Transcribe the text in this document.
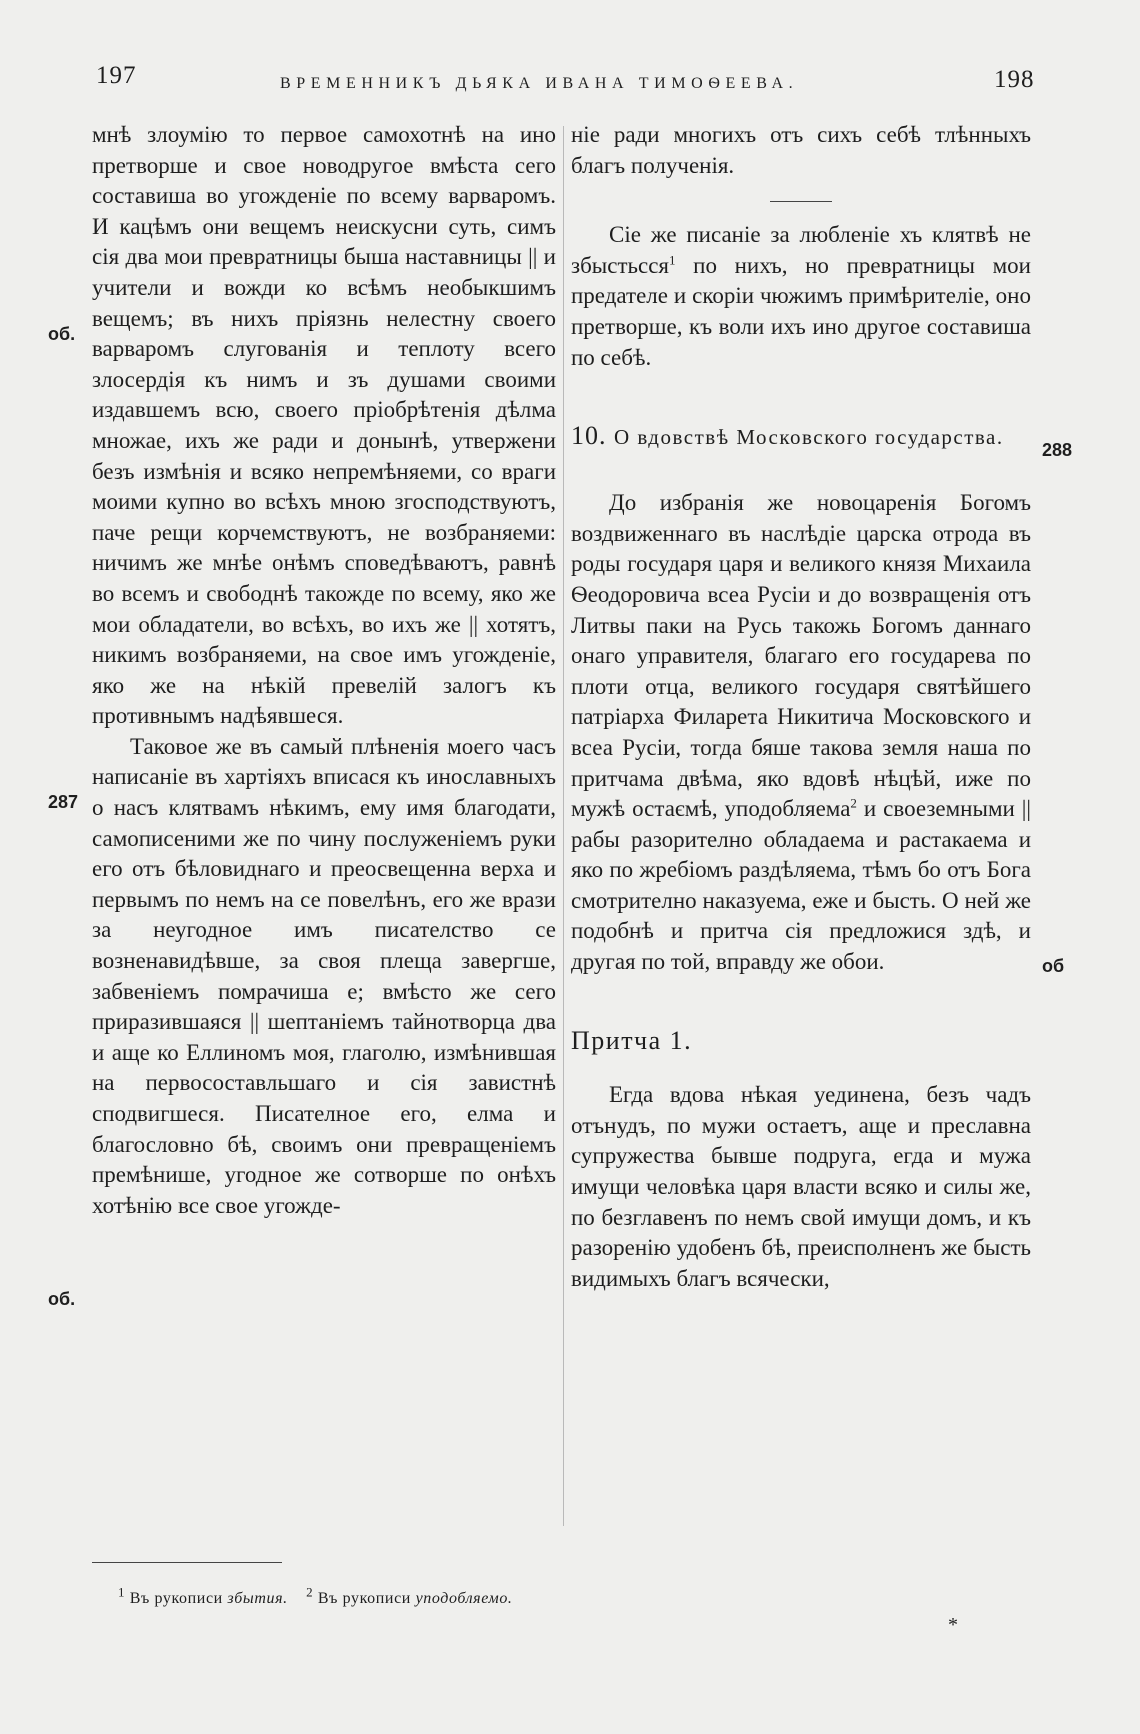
197	ВРЕМЕННИКЪ ДЬЯКА ИВАНА ТИМОѲЕЕВА.	198

мнѣ злоумію то первое самохотнѣ на ино претворше и свое новодругое вмѣста сего составиша во угожденіе по всему варваромъ. И кацѣмъ они вещемъ неискусни суть, симъ сія два мои превратницы быша наставницы || и учители и вожди ко всѣмъ необыкшимъ вещемъ; въ нихъ пріязнь нелестну своего варваромъ слугованія и теплоту всего злосердія къ нимъ и зъ душами своими издавшемъ всю, своего пріобрѣтенія дѣлма множае, ихъ же ради и донынѣ, утвержени безъ измѣнія и всяко непремѣняеми, со враги моими купно во всѣхъ мною згосподствуютъ, паче рещи корчемствуютъ, не возбраняеми: ничимъ же мнѣе онѣмъ споведѣваютъ, равнѣ во всемъ и свободнѣ такожде по всему, яко же мои обладатели, во всѣхъ, во ихъ же || хотятъ, никимъ возбраняеми, на свое имъ угожденіе, яко же на нѣкій превелій залогъ къ противнымъ надѣявшеся.

Таковое же въ самый плѣненія моего часъ написаніе въ хартіяхъ вписася къ инославныхъ о насъ клятвамъ нѣкимъ, ему имя благодати, самописеними же по чину послуженіемъ руки его отъ бѣловиднаго и преосвещенна верха и первымъ по немъ на се повелѣнъ, его же врази за неугодное имъ писателство се возненавидѣвше, за своя плеща завергше, забвеніемъ помрачиша е; вмѣсто же сего приразившаяся || шептаніемъ тайнотворца два и аще ко Еллиномъ моя, глаголю, измѣнившая на первосоставльшаго и сія завистнѣ сподвигшеся. Писателное его, елма и благословно бѣ, своимъ они превращеніемъ премѣнише, угодное же сотворше по онѣхъ хотѣнію все свое угожде-

ніе ради многихъ отъ сихъ себѣ тлѣнныхъ благъ полученія.

Сіе же писаніе за любленіе хъ клятвѣ не збыстьсся$^1$ по нихъ, но превратницы мои предателе и скоріи чюжимъ примѣрителіе, оно претворше, къ воли ихъ ино другое составиша по себѣ.

10. О вдовствѣ Московского государства.

До избранія же новоцаренія Богомъ воздвиженнаго въ наслѣдіе царска отрода въ роды государя царя и великого князя Михаила Ѳеодоровича всеа Русіи и до возвращенія отъ Литвы паки на Русь такожь Богомъ даннаго онаго управителя, благаго его государева по плоти отца, великого государя святѣйшего патріарха Филарета Никитича Московского и всеа Русіи, тогда бяше такова земля наша по притчама двѣма, яко вдовѣ нѣцѣй, иже по мужѣ остаємѣ, уподобляема$^2$ и своеземными || рабы разорително обладаема и растакаема и яко по жребіомъ раздѣляема, тѣмъ бо отъ Бога смотрително наказуема, еже и бысть. О ней же подобнѣ и притча сія предложися здѣ, и другая по той, вправду же обои.

Притча 1.

Егда вдова нѣкая уединена, безъ чадъ отънудъ, по мужи остаетъ, аще и преславна супружества бывше подруга, егда и мужа имущи человѣка царя власти всяко и силы же, по безглавенъ по немъ свой имущи домъ, и къ разоренію удобенъ бѣ, преисполненъ же бысть видимыхъ благъ всячески,

об.
287
об.
288
об
$^1$ Въ рукописи збытия. $^2$ Въ рукописи уподобляемо.
*
